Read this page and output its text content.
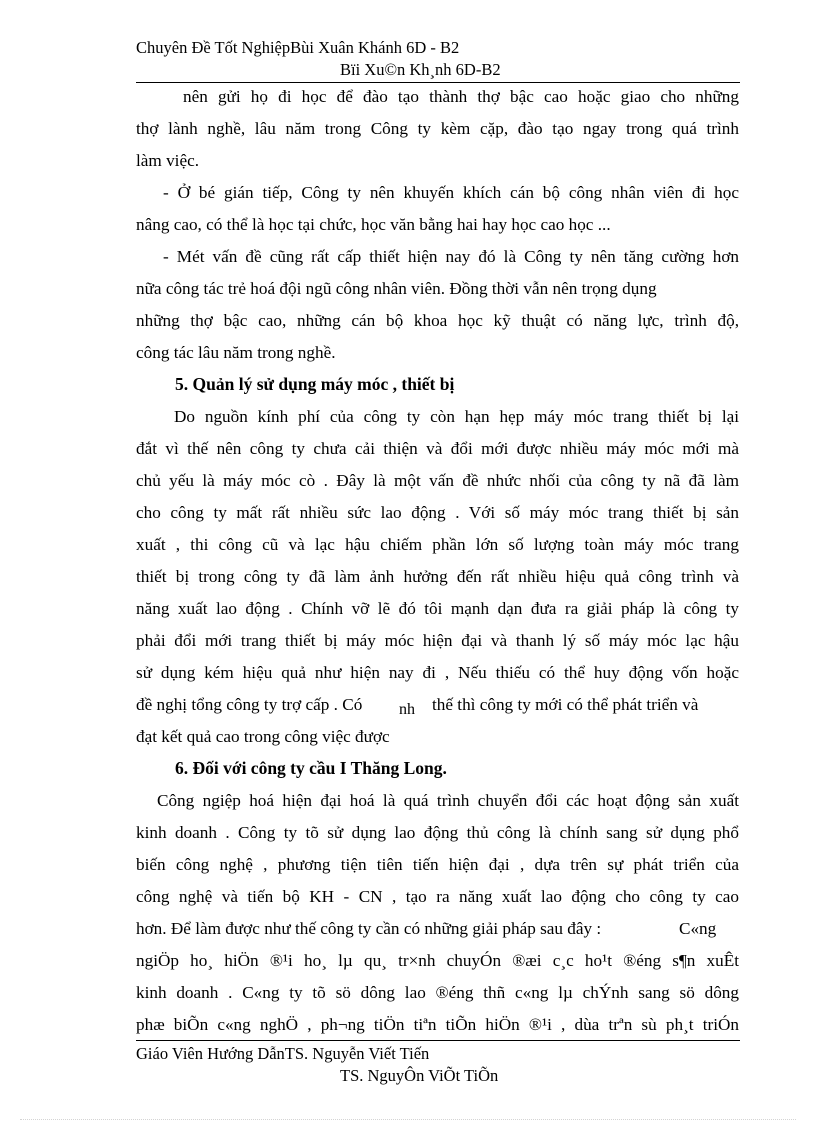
Chuyên Đề Tốt NghiệpBùi Xuân Khánh 6D - B2
Bïi Xu©n Kh¸nh 6D-B2
nên gửi họ đi học để đào tạo thành thợ bậc cao hoặc giao cho những
thợ lành nghề, lâu năm trong Công ty kèm cặp, đào tạo ngay trong quá trình
làm việc.
- Ở bé gián tiếp, Công ty nên khuyến khích cán bộ công nhân viên đi học
nâng cao, có thể là học tại chức, học văn bằng hai hay học cao học ...
- Mét vấn đề cũng rất cấp thiết hiện nay đó là Công ty nên tăng cường hơn
nữa công tác trẻ hoá đội ngũ công nhân viên. Đồng thời vẫn nên trọng dụng
những thợ bậc cao, những cán bộ khoa học kỹ thuật có năng lực, trình độ,
công tác lâu năm trong nghề.
5. Quản lý sử dụng máy móc , thiết bị
Do nguồn kính phí của công ty còn hạn hẹp máy móc trang thiết bị lại
đắt vì thế nên công ty chưa cải thiện và đổi mới được nhiều máy móc mới mà
chủ yếu là máy móc cò . Đây là một vấn đề nhức nhối của công ty nã đã làm
cho công ty mất rất nhiều sức lao động . Với số máy móc trang thiết bị sản
xuất , thi công cũ và lạc hậu chiếm phần lớn số lượng toàn máy móc trang
thiết bị trong công ty đã làm ảnh hưởng đến rất nhiều hiệu quả công trình và
năng xuất lao động . Chính vỡ lẽ đó tôi mạnh dạn đưa ra giải pháp là công ty
phải đổi mới trang thiết bị máy móc hiện đại và thanh lý số máy móc lạc hậu
sử dụng kém hiệu quả như hiện nay đi , Nếu thiếu có thể huy động vốn hoặc
đề nghị tổng công ty trợ cấp . Có nh thế thì công ty mới có thể phát triển và
đạt kết quả cao trong công việc được
6. Đối với công ty cầu I Thăng Long.
Công ngiệp hoá hiện đại hoá là quá trình chuyển đổi các hoạt động sản xuất
kinh doanh . Công ty tõ sử dụng lao động thủ công là chính sang sử dụng phổ
biến công nghệ , phương tiện tiên tiến hiện đại , dựa trên sự phát triển của
công nghệ và tiến bộ KH - CN , tạo ra năng xuất lao động cho công ty cao
hơn. Để làm được như thế công ty cần có những giải pháp sau đây :	C«ng
ngiÖp ho¸ hiÖn ®¹i ho¸ lµ qu¸ tr×nh chuyÓn ®æi c¸c ho¹t ®éng s¶n xuÊt
kinh doanh . C«ng ty tõ sö dông lao ®éng thñ c«ng lµ chÝnh sang sö dông
phæ biÕn c«ng nghÖ , ph¬ng tiÖn tiªn tiÕn hiÖn ®¹i , dùa trªn sù ph¸t triÓn
Giáo Viên Hướng DẫnTS. Nguyễn Viết Tiến
TS. NguyÔn ViÕt TiÕn
